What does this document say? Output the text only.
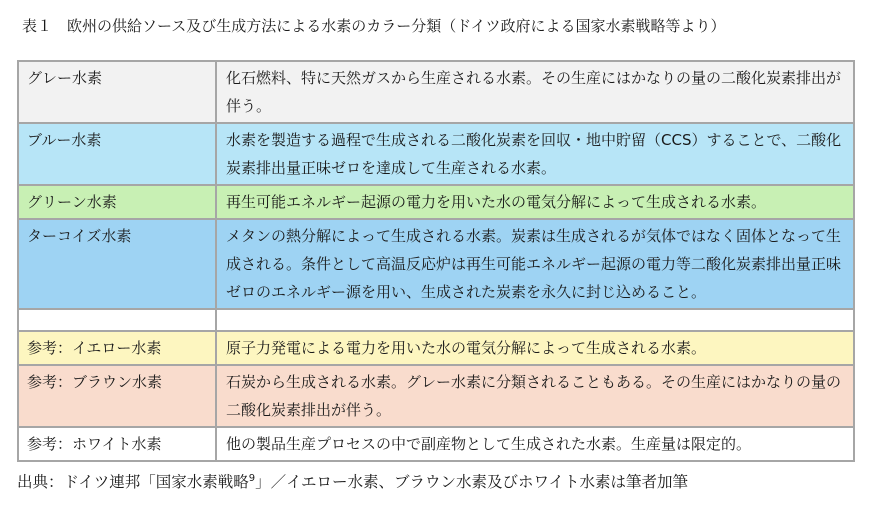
表１　欧州の供給ソース及び生成方法による水素のカラー分類（ドイツ政府による国家水素戦略等より）
グレー水素	化石燃料、特に天然ガスから生産される水素。その生産にはかなりの量の二酸化炭素排出が伴う。
ブルー水素	水素を製造する過程で生成される二酸化炭素を回収・地中貯留（CCS）することで、二酸化炭素排出量正味ゼロを達成して生産される水素。
グリーン水素	再生可能エネルギー起源の電力を用いた水の電気分解によって生成される水素。
ターコイズ水素	メタンの熱分解によって生成される水素。炭素は生成されるが気体ではなく固体となって生成される。条件として高温反応炉は再生可能エネルギー起源の電力等二酸化炭素排出量正味ゼロのエネルギー源を用い、生成された炭素を永久に封じ込めること。

参考：イエロー水素	原子力発電による電力を用いた水の電気分解によって生成される水素。
参考：ブラウン水素	石炭から生成される水素。グレー水素に分類されることもある。その生産にはかなりの量の二酸化炭素排出が伴う。
参考：ホワイト水素	他の製品生産プロセスの中で副産物として生成された水素。生産量は限定的。
出典：ドイツ連邦「国家水素戦略$^9$」／イエロー水素、ブラウン水素及びホワイト水素は筆者加筆
